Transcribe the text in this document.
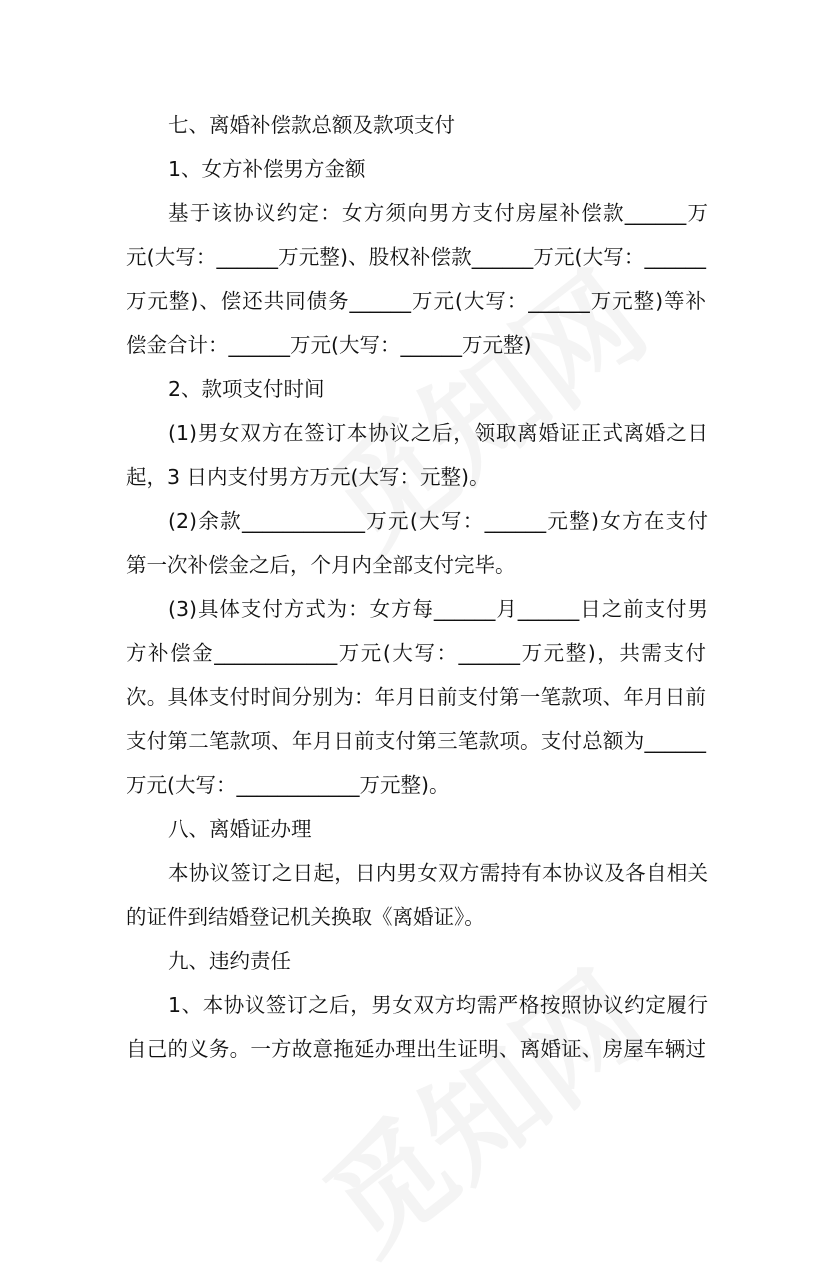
七、离婚补偿款总额及款项支付
1、女方补偿男方金额
基于该协议约定：女方须向男方支付房屋补偿款______万
元(大写：______万元整)、股权补偿款______万元(大写：______
万元整)、偿还共同债务______万元(大写：______万元整)等补
偿金合计：______万元(大写：______万元整)
2、款项支付时间
(1)男女双方在签订本协议之后，领取离婚证正式离婚之日
起，3 日内支付男方万元(大写：元整)。
(2)余款____________万元(大写：______元整)女方在支付
第一次补偿金之后，个月内全部支付完毕。
(3)具体支付方式为：女方每______月______日之前支付男
方补偿金____________万元(大写：______万元整)，共需支付
次。具体支付时间分别为：年月日前支付第一笔款项、年月日前
支付第二笔款项、年月日前支付第三笔款项。支付总额为______
万元(大写：____________万元整)。
八、离婚证办理
本协议签订之日起，日内男女双方需持有本协议及各自相关
的证件到结婚登记机关换取《离婚证》。
九、违约责任
1、本协议签订之后，男女双方均需严格按照协议约定履行
自己的义务。一方故意拖延办理出生证明、离婚证、房屋车辆过
